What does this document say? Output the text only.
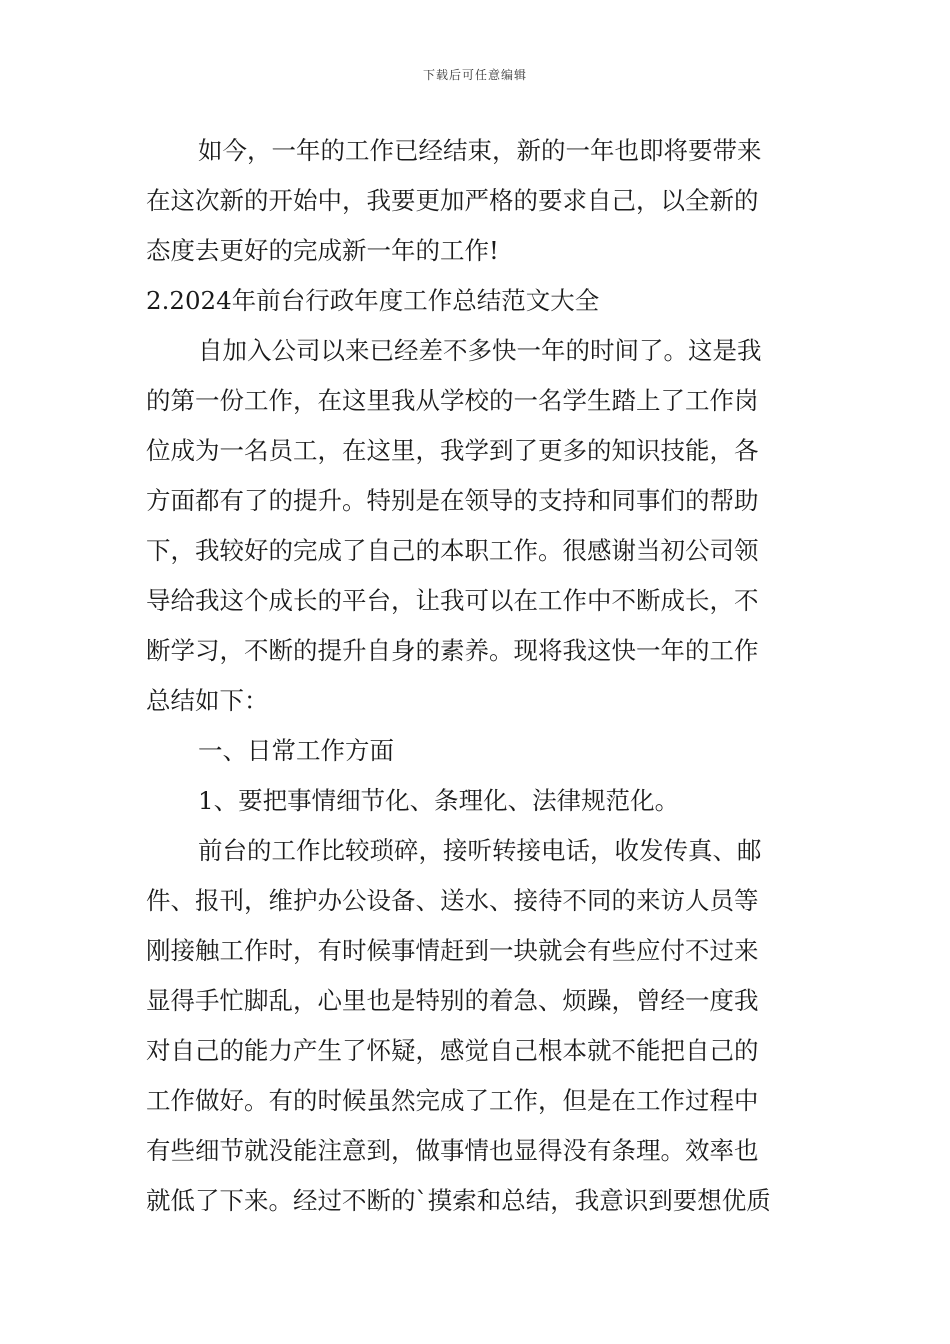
下载后可任意编辑
如今，一年的工作已经结束，新的一年也即将要带来
在这次新的开始中，我要更加严格的要求自己，以全新的
态度去更好的完成新一年的工作!
2.2024年前台行政年度工作总结范文大全
自加入公司以来已经差不多快一年的时间了。这是我
的第一份工作，在这里我从学校的一名学生踏上了工作岗
位成为一名员工，在这里，我学到了更多的知识技能，各
方面都有了的提升。特别是在领导的支持和同事们的帮助
下，我较好的完成了自己的本职工作。很感谢当初公司领
导给我这个成长的平台，让我可以在工作中不断成长，不
断学习，不断的提升自身的素养。现将我这快一年的工作
总结如下：
一、日常工作方面
1、要把事情细节化、条理化、法律规范化。
前台的工作比较琐碎，接听转接电话，收发传真、邮
件、报刊，维护办公设备、送水、接待不同的来访人员等
刚接触工作时，有时候事情赶到一块就会有些应付不过来
显得手忙脚乱，心里也是特别的着急、烦躁，曾经一度我
对自己的能力产生了怀疑，感觉自己根本就不能把自己的
工作做好。有的时候虽然完成了工作，但是在工作过程中
有些细节就没能注意到，做事情也显得没有条理。效率也
就低了下来。经过不断的`摸索和总结，我意识到要想优质
